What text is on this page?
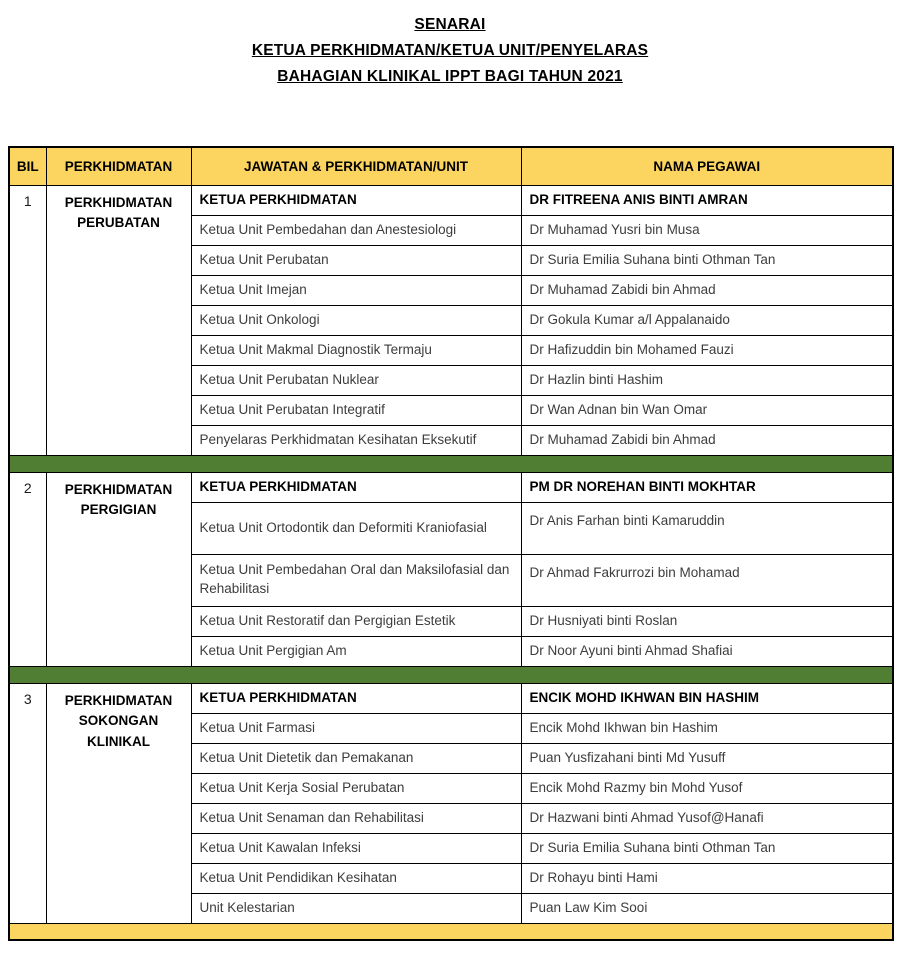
SENARAI
KETUA PERKHIDMATAN/KETUA UNIT/PENYELARAS
BAHAGIAN KLINIKAL IPPT BAGI TAHUN 2021
BIL	PERKHIDMATAN	JAWATAN & PERKHIDMATAN/UNIT	NAMA PEGAWAI
1	PERKHIDMATAN PERUBATAN	KETUA PERKHIDMATAN	DR FITREENA ANIS BINTI AMRAN
		Ketua Unit Pembedahan dan Anestesiologi	Dr Muhamad Yusri bin Musa
		Ketua Unit Perubatan	Dr Suria Emilia Suhana binti Othman Tan
		Ketua Unit Imejan	Dr Muhamad Zabidi bin Ahmad
		Ketua Unit Onkologi	Dr Gokula Kumar a/l Appalanaido
		Ketua Unit Makmal Diagnostik Termaju	Dr Hafizuddin bin Mohamed Fauzi
		Ketua Unit Perubatan Nuklear	Dr Hazlin binti Hashim
		Ketua Unit Perubatan Integratif	Dr Wan Adnan bin Wan Omar
		Penyelaras Perkhidmatan Kesihatan Eksekutif	Dr Muhamad Zabidi bin Ahmad

2	PERKHIDMATAN PERGIGIAN	KETUA PERKHIDMATAN	PM DR NOREHAN BINTI MOKHTAR
		Ketua Unit Ortodontik dan Deformiti Kraniofasial	Dr Anis Farhan binti Kamaruddin
		Ketua Unit Pembedahan Oral dan Maksilofasial dan Rehabilitasi	Dr Ahmad Fakrurrozi bin Mohamad
		Ketua Unit Restoratif dan Pergigian Estetik	Dr Husniyati binti Roslan
		Ketua Unit Pergigian Am	Dr Noor Ayuni binti Ahmad Shafiai

3	PERKHIDMATAN SOKONGAN KLINIKAL	KETUA PERKHIDMATAN	ENCIK MOHD IKHWAN BIN HASHIM
		Ketua Unit Farmasi	Encik Mohd Ikhwan bin Hashim
		Ketua Unit Dietetik dan Pemakanan	Puan Yusfizahani binti Md Yusuff
		Ketua Unit Kerja Sosial Perubatan	Encik Mohd Razmy bin Mohd Yusof
		Ketua Unit Senaman dan Rehabilitasi	Dr Hazwani binti Ahmad Yusof@Hanafi
		Ketua Unit Kawalan Infeksi	Dr Suria Emilia Suhana binti Othman Tan
		Ketua Unit Pendidikan Kesihatan	Dr Rohayu binti Hami
		Unit Kelestarian	Puan Law Kim Sooi
